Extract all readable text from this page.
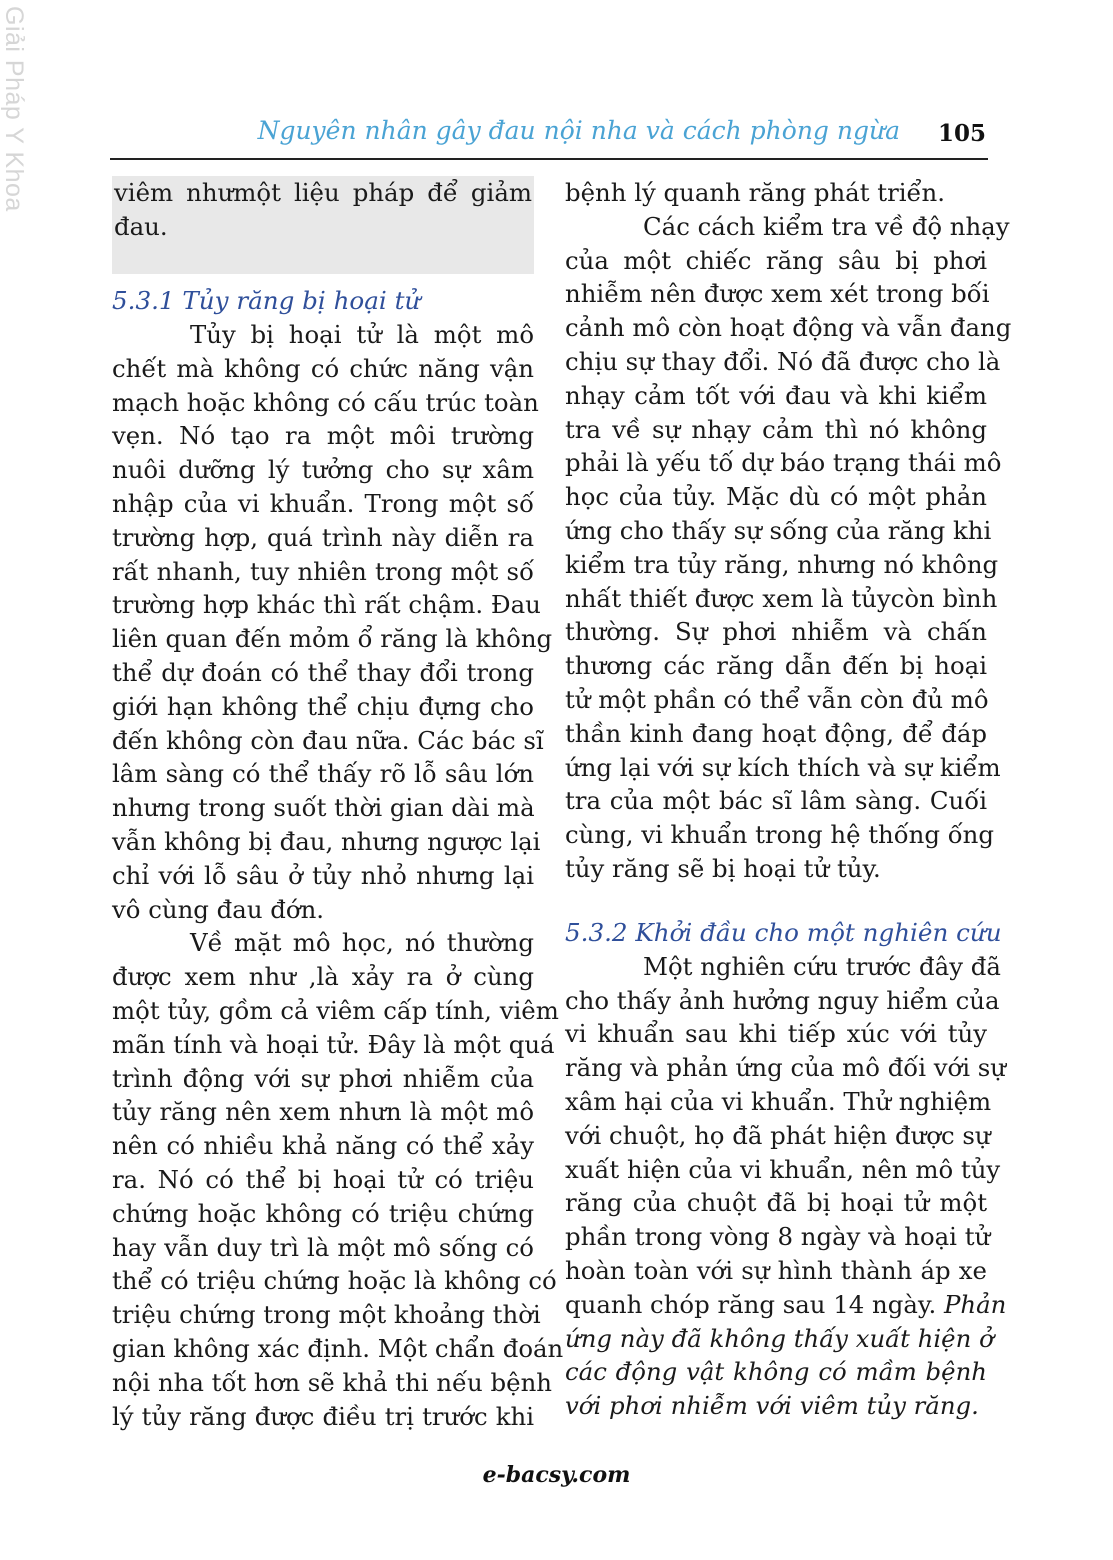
Giải Pháp Y Khoa	Nguyên nhân gây đau nội nha và cách phòng ngừa 105
viêm nhưmột liệu pháp để giảm
đau.
5.3.1 Tủy răng bị hoại tử
Tủy bị hoại tử là một mô
chết mà không có chức năng vận
mạch hoặc không có cấu trúc toàn
vẹn. Nó tạo ra một môi trường
nuôi dưỡng lý tưởng cho sự xâm
nhập của vi khuẩn. Trong một số
trường hợp, quá trình này diễn ra
rất nhanh, tuy nhiên trong một số
trường hợp khác thì rất chậm. Đau
liên quan đến mỏm ổ răng là không
thể dự đoán có thể thay đổi trong
giới hạn không thể chịu đựng cho
đến không còn đau nữa. Các bác sĩ
lâm sàng có thể thấy rõ lỗ sâu lớn
nhưng trong suốt thời gian dài mà
vẫn không bị đau, nhưng ngược lại
chỉ với lỗ sâu ở tủy nhỏ nhưng lại
vô cùng đau đớn.
Về mặt mô học, nó thường
được xem như ,là xảy ra ở cùng
một tủy, gồm cả viêm cấp tính, viêm
mãn tính và hoại tử. Đây là một quá
trình động với sự phơi nhiễm của
tủy răng nên xem nhưn là một mô
nên có nhiều khả năng có thể xảy
ra. Nó có thể bị hoại tử có triệu
chứng hoặc không có triệu chứng
hay vẫn duy trì là một mô sống có
thể có triệu chứng hoặc là không có
triệu chứng trong một khoảng thời
gian không xác định. Một chẩn đoán
nội nha tốt hơn sẽ khả thi nếu bệnh
lý tủy răng được điều trị trước khi
bệnh lý quanh răng phát triển.
Các cách kiểm tra về độ nhạy
của một chiếc răng sâu bị phơi
nhiễm nên được xem xét trong bối
cảnh mô còn hoạt động và vẫn đang
chịu sự thay đổi. Nó đã được cho là
nhạy cảm tốt với đau và khi kiểm
tra về sự nhạy cảm thì nó không
phải là yếu tố dự báo trạng thái mô
học của tủy. Mặc dù có một phản
ứng cho thấy sự sống của răng khi
kiểm tra tủy răng, nhưng nó không
nhất thiết được xem là tủycòn bình
thường. Sự phơi nhiễm và chấn
thương các răng dẫn đến bị hoại
tử một phần có thể vẫn còn đủ mô
thần kinh đang hoạt động, để đáp
ứng lại với sự kích thích và sự kiểm
tra của một bác sĩ lâm sàng. Cuối
cùng, vi khuẩn trong hệ thống ống
tủy răng sẽ bị hoại tử tủy.
5.3.2 Khởi đầu cho một nghiên cứu
Một nghiên cứu trước đây đã
cho thấy ảnh hưởng nguy hiểm của
vi khuẩn sau khi tiếp xúc với tủy
răng và phản ứng của mô đối với sự
xâm hại của vi khuẩn. Thử nghiệm
với chuột, họ đã phát hiện được sự
xuất hiện của vi khuẩn, nên mô tủy
răng của chuột đã bị hoại tử một
phần trong vòng 8 ngày và hoại tử
hoàn toàn với sự hình thành áp xe
quanh chóp răng sau 14 ngày. Phản
ứng này đã không thấy xuất hiện ở
các động vật không có mầm bệnh
với phơi nhiễm với viêm tủy răng.
e-bacsy.com
